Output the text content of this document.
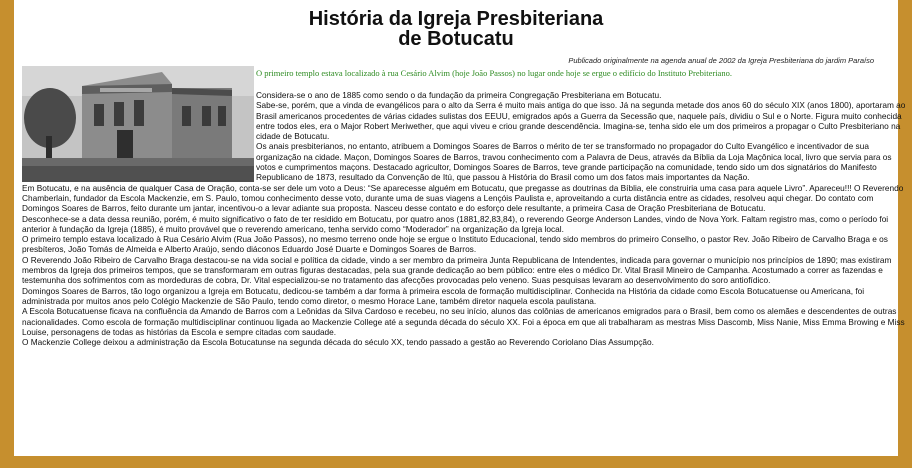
História da Igreja Presbiteriana
de Botucatu
Publicado originalmente na agenda anual de 2002 da Igreja Presbiteriana do jardim Paraíso
O primeiro templo estava localizado à rua Cesário Alvim (hoje João Passos) no lugar onde hoje se ergue o edifício do Instituto Prebiteriano.

Considera-se o ano de 1885 como sendo o da fundação da primeira Congregação Presbiteriana em Botucatu.

Sabe-se, porém, que a vinda de evangélicos para o alto da Serra é muito mais antiga do que isso. Já na segunda metade dos anos 60 do século XIX (anos 1800), aportaram ao Brasil americanos procedentes de várias cidades sulistas dos EEUU, emigrados após a Guerra da Secessão que, naquele país, dividiu o Sul e o Norte. Figura muito conhecida entre todos eles, era o Major Robert Meriwether, que aqui viveu e criou grande descendência. Imagina-se, tenha sido ele um dos primeiros a propagar o Culto Presbiteriano na cidade de Botucatu.

Os anais presbiterianos, no entanto, atribuem a Domingos Soares de Barros o mérito de ter se transformado no propagador do Culto Evangélico e incentivador de sua organização na cidade. Maçon, Domingos Soares de Barros, travou conhecimento com a Palavra de Deus, através da Bíblia da Loja Maçônica local, livro que servia para os votos e cumprimentos maçons. Destacado agricultor, Domingos Soares de Barros, teve grande participação na comunidade, tendo sido um dos signatários do Manifesto Republicano de 1873, resultado da Convenção de Itú, que passou à História do Brasil como um dos fatos mais importantes da Nação.

Em Botucatu, e na ausência de qualquer Casa de Oração, conta-se ser dele um voto a Deus: “Se aparecesse alguém em Botucatu, que pregasse as doutrinas da Bíblia, ele construiria uma casa para aquele Livro”. Apareceu!!! O Reverendo Chamberlain, fundador da Escola Mackenzie, em S. Paulo, tomou conhecimento desse voto, durante uma de suas viagens a Lençóis Paulista e, aproveitando a curta distância entre as cidades, resolveu aqui chegar. Do contato com Domingos Soares de Barros, feito durante um jantar, incentivou-o a levar adiante sua proposta. Nasceu desse contato e do esforço dele resultante, a primeira Casa de Oração Presbiteriana de Botucatu.

Desconhece-se a data dessa reunião, porém, é muito significativo o fato de ter residido em Botucatu, por quatro anos (1881,82,83,84), o reverendo George Anderson Landes, vindo de Nova York. Faltam registro mas, como o período foi anterior à fundação da Igreja (1885), é muito provável que o reverendo americano, tenha servido como “Moderador” na organização da Igreja local.

O primeiro templo estava localizado à Rua Cesário Alvim (Rua João Passos), no mesmo terreno onde hoje se ergue o Instituto Educacional, tendo sido membros do primeiro Conselho, o pastor Rev. João Ribeiro de Carvalho Braga e os presbíteros, João Tomás de Almeida e Alberto Araújo, sendo diáconos Eduardo José Duarte e Domingos Soares de Barros.

O Reverendo João Ribeiro de Carvalho Braga destacou-se na vida social e política da cidade, vindo a ser membro da primeira Junta Republicana de Intendentes, indicada para governar o município nos princípios de 1890; mas existiram membros da Igreja dos primeiros tempos, que se transformaram em outras figuras destacadas, pela sua grande dedicação ao bem público: entre eles o médico Dr. Vital Brasil Mineiro de Campanha. Acostumado a correr as fazendas e testemunha dos sofrimentos com as mordeduras de cobra, Dr. Vital especializou-se no tratamento das afecções provocadas pelo veneno. Suas pesquisas levaram ao desenvolvimento do soro antiofídico.

Domingos Soares de Barros, tão logo organizou a Igreja em Botucatu, dedicou-se também a dar forma à primeira escola de formação multidisciplinar. Conhecida na História da cidade como Escola Botucatuense ou Americana, foi administrada por muitos anos pelo Colégio Mackenzie de São Paulo, tendo como diretor, o mesmo Horace Lane, também diretor naquela escola paulistana.

A Escola Botucatuense ficava na confluência da Amando de Barros com a Leônidas da Silva Cardoso e recebeu, no seu início, alunos das colônias de americanos emigrados para o Brasil, bem como os alemães e descendentes de outras nacionalidades. Como escola de formação multidisciplinar continuou ligada ao Mackenzie College até a segunda década do século XX. Foi a época em que ali trabalharam as mestras Miss Dascomb, Miss Nanie, Miss Emma Browing e Miss Louise, personagens de todas as histórias da Escola e sempre citadas com saudade.

O Mackenzie College deixou a administração da Escola Botucatunse na segunda década do século XX, tendo passado a gestão ao Reverendo Coriolano Dias Assumpção.
